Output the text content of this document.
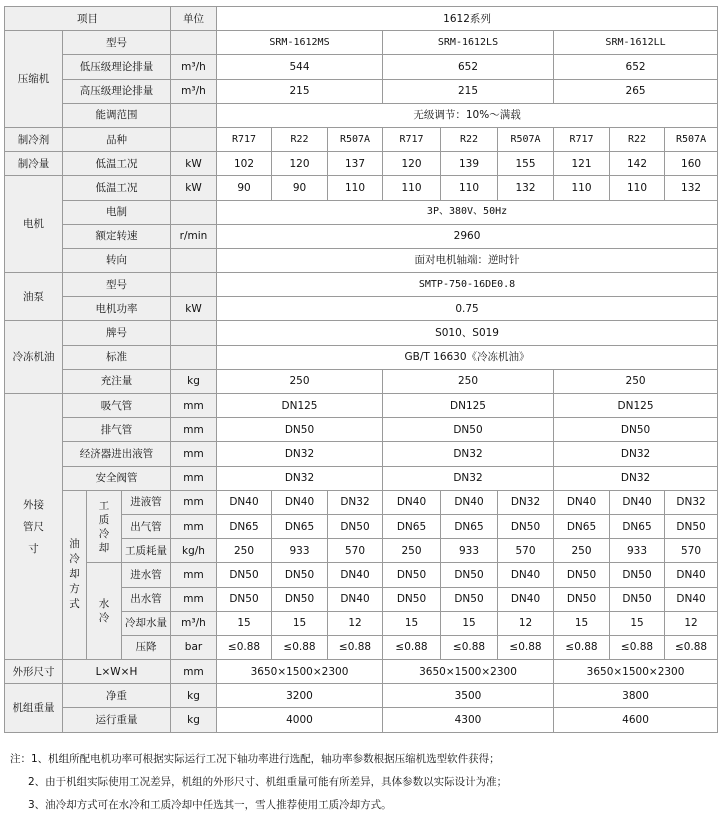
项目				单位	1612系列								
压缩机	型号				SRM-1612MS			SRM-1612LS			SRM-1612LL		
	低压级理论排量			m³/h	544			652			652		
	高压级理论排量			m³/h	215			215			265		
	能调范围				无级调节：10%～满载								
制冷剂	品种				R717	R22	R507A	R717	R22	R507A	R717	R22	R507A
制冷量	低温工况			kW	102	120	137	120	139	155	121	142	160
电机	低温工况			kW	90	90	110	110	110	132	110	110	132
	电制				3P、380V、50Hz								
	额定转速			r/min	2960								
	转向				面对电机轴端：逆时针								
油泵	型号				SMTP-750-16DE0.8								
	电机功率			kW	0.75								
冷冻机油	牌号				S010、S019								
	标准				GB/T 16630《冷冻机油》								
	充注量			kg	250			250			250		
外接管尺寸	吸气管			mm	DN125			DN125			DN125		
	排气管			mm	DN50			DN50			DN50		
	经济器进出液管			mm	DN32			DN32			DN32		
	安全阀管			mm	DN32			DN32			DN32		
	油冷却方式	工质冷却	进液管	mm	DN40	DN40	DN32	DN40	DN40	DN32	DN40	DN40	DN32
			出气管	mm	DN65	DN65	DN50	DN65	DN65	DN50	DN65	DN65	DN50
			工质耗量	kg/h	250	933	570	250	933	570	250	933	570
		水冷	进水管	mm	DN50	DN50	DN40	DN50	DN50	DN40	DN50	DN50	DN40
			出水管	mm	DN50	DN50	DN40	DN50	DN50	DN40	DN50	DN50	DN40
			冷却水量	m³/h	15	15	12	15	15	12	15	15	12
			压降	bar	≤0.88	≤0.88	≤0.88	≤0.88	≤0.88	≤0.88	≤0.88	≤0.88	≤0.88
外形尺寸	L×W×H			mm	3650×1500×2300			3650×1500×2300			3650×1500×2300		
机组重量	净重			kg	3200			3500			3800		
	运行重量			kg	4000			4300			4600		
注：1、机组所配电机功率可根据实际运行工况下轴功率进行选配，轴功率参数根据压缩机选型软件获得；
2、由于机组实际使用工况差异，机组的外形尺寸、机组重量可能有所差异，具体参数以实际设计为准；
3、油冷却方式可在水冷和工质冷却中任选其一，雪人推荐使用工质冷却方式。
